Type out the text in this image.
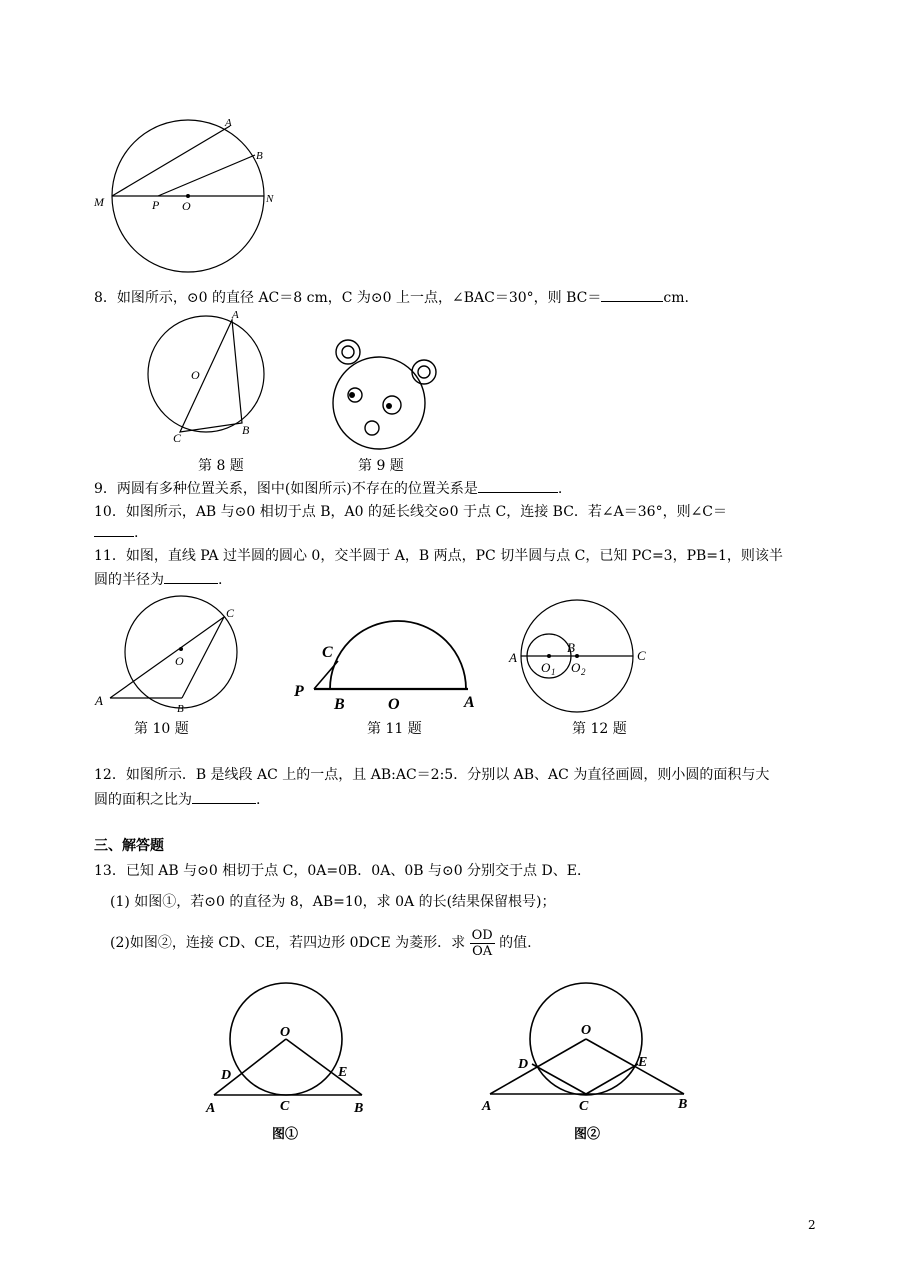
A
B
M	N
P O
8．如图所示，⊙0 的直径 AC＝8 cm，C 为⊙0 上一点，∠BAC＝30°，则 BC＝	cm.
A
O
C
B
第 8 题	第 9 题
9．两圆有多种位置关系，图中(如图所示)不存在的位置关系是	.
10．如图所示，AB 与⊙0 相切于点 B，A0 的延长线交⊙0 于点 C，连接 BC．若∠A＝36°，则∠C＝
.
11．如图，直线 PA 过半圆的圆心 0，交半圆于 A，B 两点，PC 切半圆与点 C，已知 PC=3，PB=1，则该半
圆的半径为	.
C
O
A
B
第 10 题
C
P
B	O	A
第 11 题
A
B
C
O 1 O 2
第 12 题
12．如图所示．B 是线段 AC 上的一点，且 AB:AC＝2:5．分别以 AB、AC 为直径画圆，则小圆的面积与大
圆的面积之比为	.
三、解答题
13．已知 AB 与⊙0 相切于点 C，0A=0B．0A、0B 与⊙0 分别交于点 D、E．
(1) 如图①，若⊙0 的直径为 8，AB=10，求 0A 的长(结果保留根号)；
(2)如图②，连接 CD、CE，若四边形 0DCE 为菱形．求 $\frac{OD}{OA}$ 的值.
O
D	E
A	C	B
图①
O
D	E
A	C	B
图②
2
